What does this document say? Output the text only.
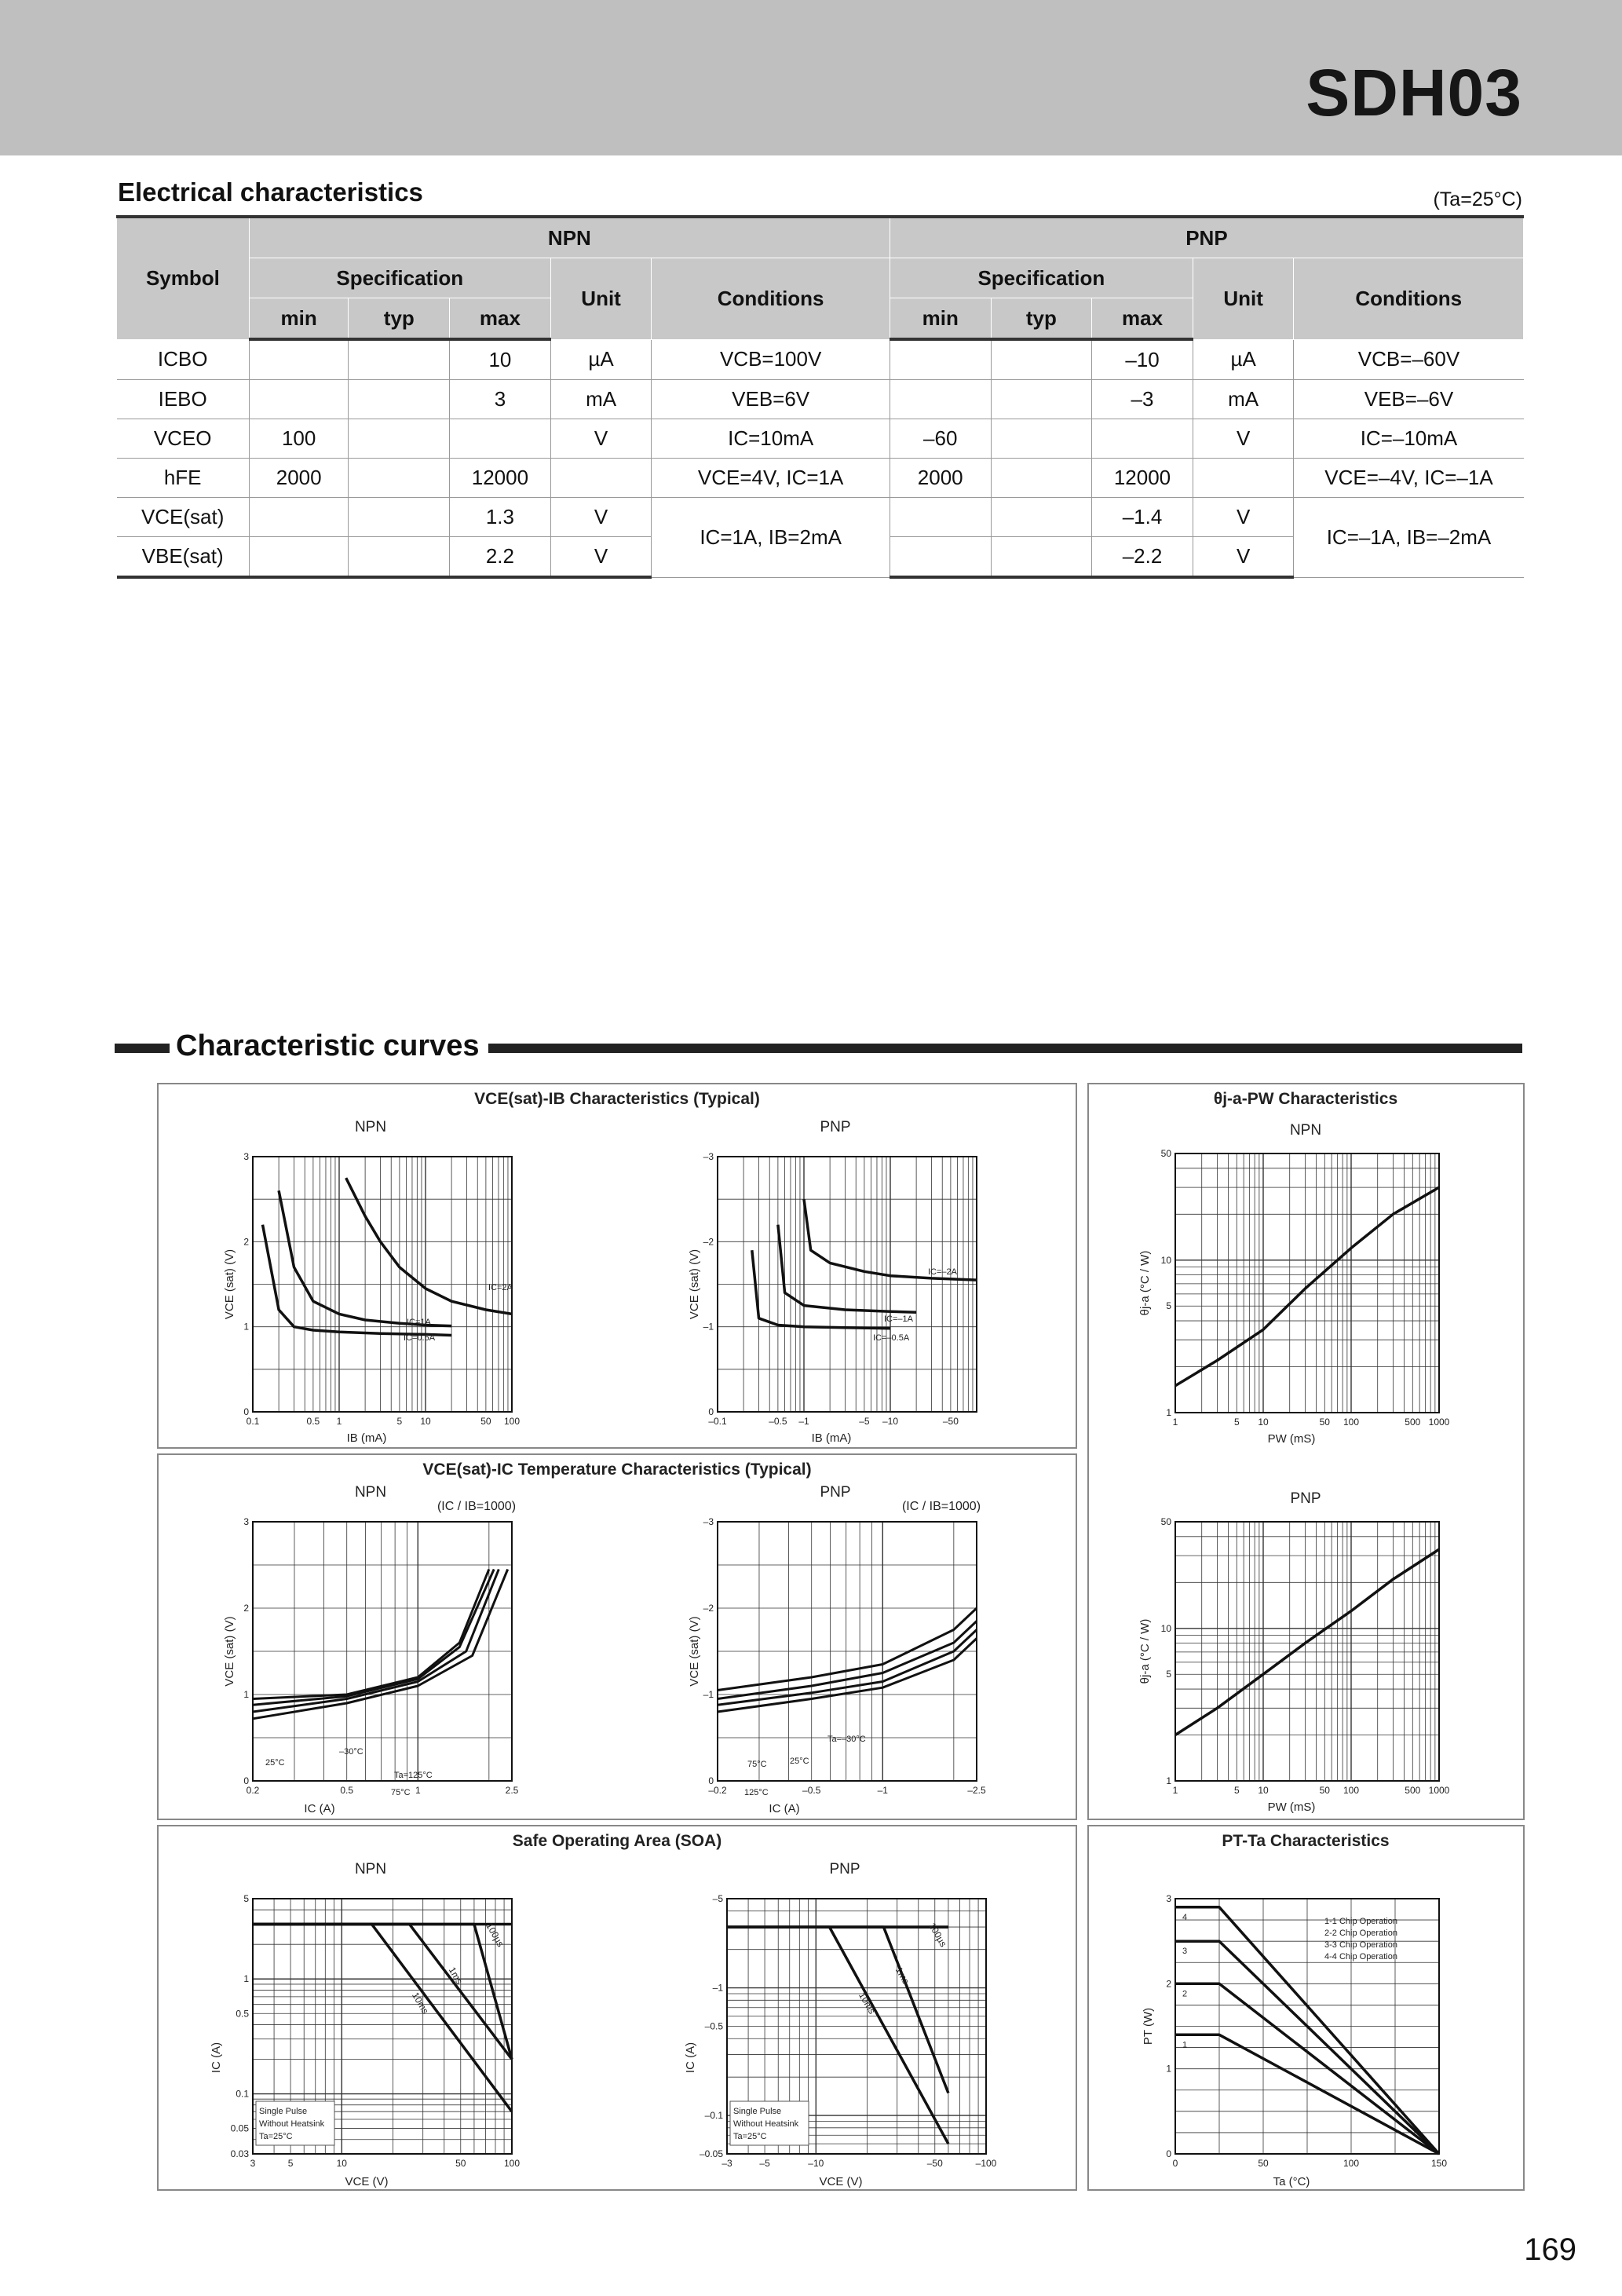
SDH03
Electrical characteristics	(Ta=25°C)
Symbol	NPN					PNP				
	Specification			Unit	Conditions	Specification			Unit	Conditions
	min	typ	max			min	typ	max		
ICBO			10	µA	VCB=100V			–10	µA	VCB=–60V
IEBO			3	mA	VEB=6V			–3	mA	VEB=–6V
VCEO	100			V	IC=10mA	–60			V	IC=–10mA
hFE	2000		12000		VCE=4V, IC=1A	2000		12000		VCE=–4V, IC=–1A
VCE(sat)			1.3	V	IC=1A, IB=2mA			–1.4	V	IC=–1A, IB=–2mA
VBE(sat)			2.2	V				–2.2	V	
Characteristic curves
VCE(sat)-IB Characteristics (Typical)
NPN
0
1
2
3
0.1	0.5 1	5 10	50 100
IB (mA)
VCE (sat) (V)	IC=2A
IC=1A
IC=0.5A
PNP
0
–1
–2
–3
–0.1	–0.5 –1	–5 –10	–50
IB (mA)
VCE (sat) (V)	IC=–2A
IC=–1A
IC=–0.5A
θj-a-PW Characteristics
NPN
1
5
10
50
1	5 10	50 100	500 1000
PW (mS)
θj-a (°C / W)
PNP
1
5
10
50
1	5 10	50 100	500 1000
PW (mS)
θj-a (°C / W)
VCE(sat)-IC Temperature Characteristics (Typical)
NPN
(IC / IB=1000)
0
1
2
3
0.2	0.5	1	2.5
IC (A)
VCE (sat) (V)
25°C
–30°C
Ta=125°C
75°C
PNP
(IC / IB=1000)
0
–1
–2
–3
–0.2	–0.5	–1	–2.5
IC (A)
VCE (sat) (V)
Ta=–30°C
25°C
75°C
125°C
Safe Operating Area (SOA)
NPN
0.03
0.05
0.1
0.5
1
5
3	5	10	50	100
VCE (V)
IC (A)
100µs
1ms
10ms
Single Pulse
Without Heatsink
Ta=25°C
PNP
–0.05
–0.1
–0.5
–1
–5
–3	–5	–10	–50	–100
VCE (V)
IC (A)
100µs
1ms
10ms
Single Pulse
Without Heatsink
Ta=25°C
PT-Ta Characteristics
0
1
2
3
0	50	100	150
Ta (°C)
PT (W)
4
3
2
1
1-1 Chip Operation
2-2 Chip Operation
3-3 Chip Operation
4-4 Chip Operation
169
